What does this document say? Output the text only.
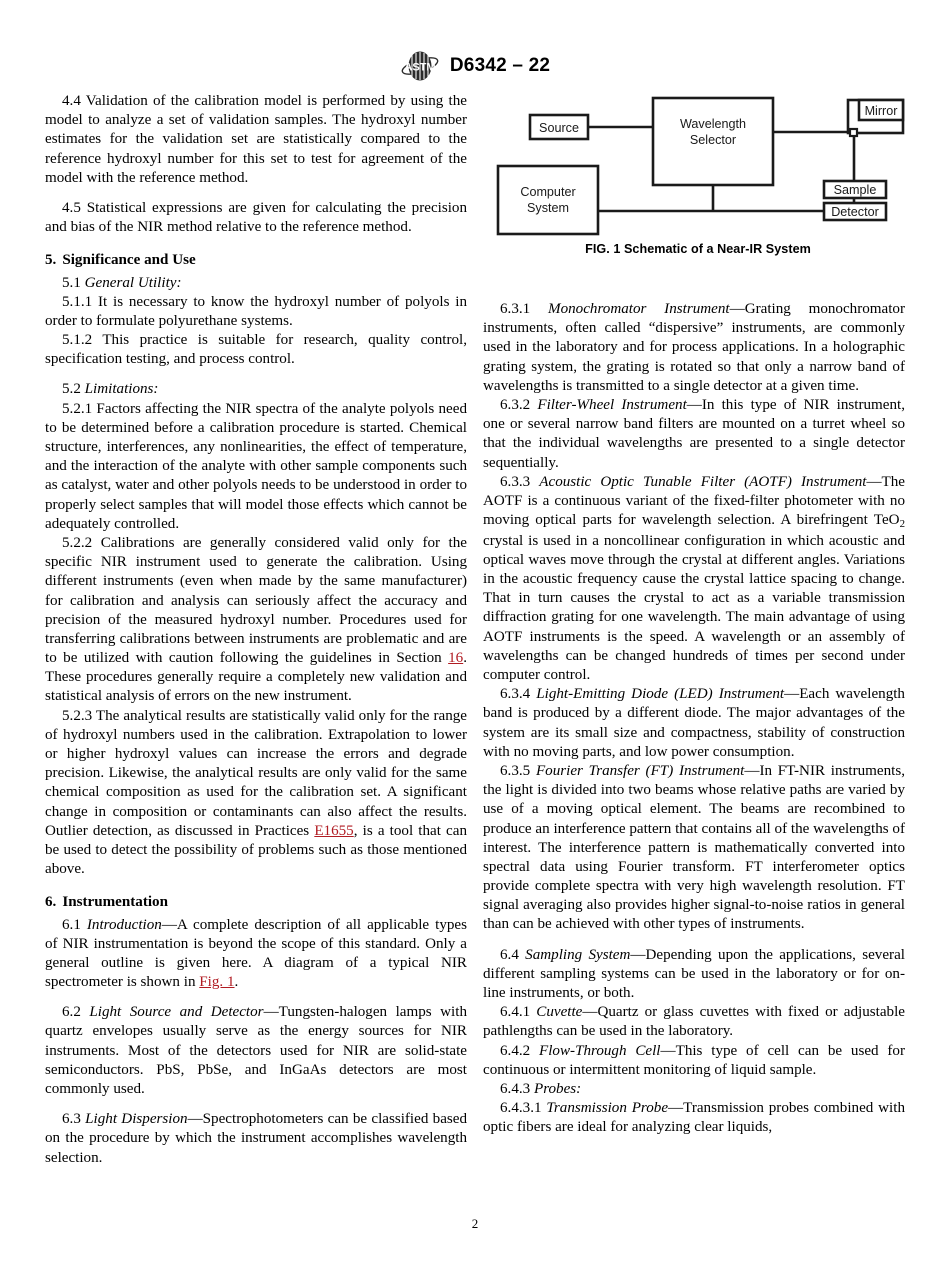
ASTM D6342 – 22
Wavelength
Selector
Source
Computer
System
Mirror
Sample
Detector
FIG. 1 Schematic of a Near-IR System

4.4 Validation of the calibration model is performed by using the model to analyze a set of validation samples. The hydroxyl number estimates for the validation set are statistically compared to the reference hydroxyl number for this set to test for agreement of the model with the reference method.

4.5 Statistical expressions are given for calculating the precision and bias of the NIR method relative to the reference method.

5. Significance and Use

5.1 General Utility:

5.1.1 It is necessary to know the hydroxyl number of polyols in order to formulate polyurethane systems.

5.1.2 This practice is suitable for research, quality control, specification testing, and process control.

5.2 Limitations:

5.2.1 Factors affecting the NIR spectra of the analyte polyols need to be determined before a calibration procedure is started. Chemical structure, interferences, any nonlinearities, the effect of temperature, and the interaction of the analyte with other sample components such as catalyst, water and other polyols needs to be understood in order to properly select samples that will model those effects which cannot be adequately controlled.

5.2.2 Calibrations are generally considered valid only for the specific NIR instrument used to generate the calibration. Using different instruments (even when made by the same manufacturer) for calibration and analysis can seriously affect the accuracy and precision of the measured hydroxyl number. Procedures used for transferring calibrations between instruments are problematic and are to be utilized with caution following the guidelines in Section 16. These procedures generally require a completely new validation and statistical analysis of errors on the new instrument.

5.2.3 The analytical results are statistically valid only for the range of hydroxyl numbers used in the calibration. Extrapolation to lower or higher hydroxyl values can increase the errors and degrade precision. Likewise, the analytical results are only valid for the same chemical composition as used for the calibration set. A significant change in composition or contaminants can also affect the results. Outlier detection, as discussed in Practices E1655, is a tool that can be used to detect the possibility of problems such as those mentioned above.

6. Instrumentation

6.1 Introduction—A complete description of all applicable types of NIR instrumentation is beyond the scope of this standard. Only a general outline is given here. A diagram of a typical NIR spectrometer is shown in Fig. 1.

6.2 Light Source and Detector—Tungsten-halogen lamps with quartz envelopes usually serve as the energy sources for NIR instruments. Most of the detectors used for NIR are solid-state semiconductors. PbS, PbSe, and InGaAs detectors are most commonly used.

6.3 Light Dispersion—Spectrophotometers can be classified based on the procedure by which the instrument accomplishes wavelength selection.

6.3.1 Monochromator Instrument—Grating monochromator instruments, often called “dispersive” instruments, are commonly used in the laboratory and for process applications. In a holographic grating system, the grating is rotated so that only a narrow band of wavelengths is transmitted to a single detector at a given time.

6.3.2 Filter-Wheel Instrument—In this type of NIR instrument, one or several narrow band filters are mounted on a turret wheel so that the individual wavelengths are presented to a single detector sequentially.

6.3.3 Acoustic Optic Tunable Filter (AOTF) Instrument—The AOTF is a continuous variant of the fixed-filter photometer with no moving optical parts for wavelength selection. A birefringent TeO$_2$ crystal is used in a noncollinear configuration in which acoustic and optical waves move through the crystal at different angles. Variations in the acoustic frequency cause the crystal lattice spacing to change. That in turn causes the crystal to act as a variable transmission diffraction grating for one wavelength. The main advantage of using AOTF instruments is the speed. A wavelength or an assembly of wavelengths can be changed hundreds of times per second under computer control.

6.3.4 Light-Emitting Diode (LED) Instrument—Each wavelength band is produced by a different diode. The major advantages of the system are its small size and compactness, stability of construction with no moving parts, and low power consumption.

6.3.5 Fourier Transfer (FT) Instrument—In FT-NIR instruments, the light is divided into two beams whose relative paths are varied by use of a moving optical element. The beams are recombined to produce an interference pattern that contains all of the wavelengths of interest. The interference pattern is mathematically converted into spectral data using Fourier transform. FT interferometer optics provide complete spectra with very high wavelength resolution. FT signal averaging also provides higher signal-to-noise ratios in general than can be achieved with other types of instruments.

6.4 Sampling System—Depending upon the applications, several different sampling systems can be used in the laboratory or for on-line instruments, or both.

6.4.1 Cuvette—Quartz or glass cuvettes with fixed or adjustable pathlengths can be used in the laboratory.

6.4.2 Flow-Through Cell—This type of cell can be used for continuous or intermittent monitoring of liquid sample.

6.4.3 Probes:

6.4.3.1 Transmission Probe—Transmission probes combined with optic fibers are ideal for analyzing clear liquids,

2
